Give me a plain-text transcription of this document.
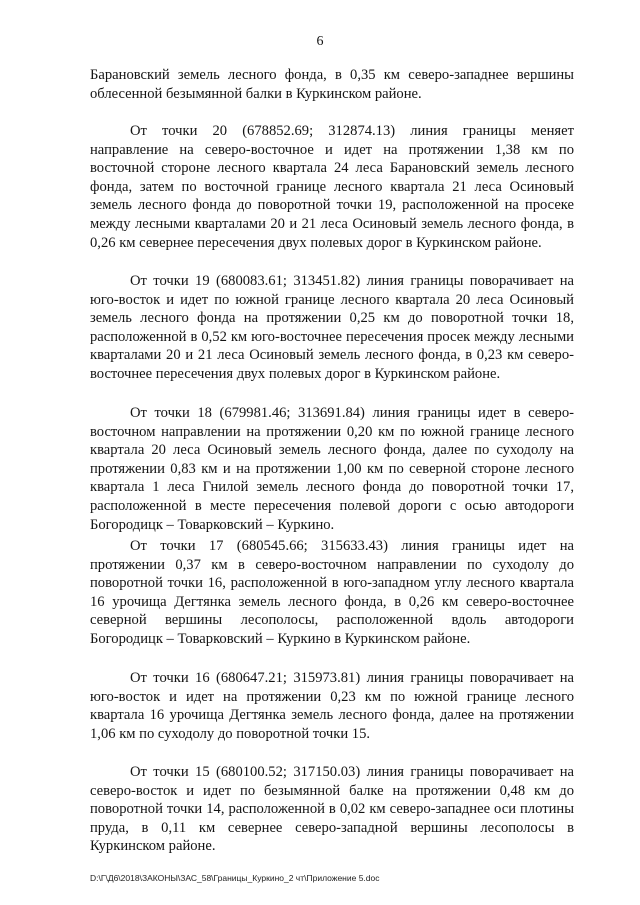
6

Барановский земель лесного фонда, в 0,35 км северо-западнее вершины облесенной безымянной балки в Куркинском районе.

От точки 20 (678852.69; 312874.13) линия границы меняет направление на северо-восточное и идет на протяжении 1,38 км по восточной стороне лесного квартала 24 леса Барановский земель лесного фонда, затем по восточной границе лесного квартала 21 леса Осиновый земель лесного фонда до поворотной точки 19, расположенной на просеке между лесными кварталами 20 и 21 леса Осиновый земель лесного фонда, в 0,26 км севернее пересечения двух полевых дорог в Куркинском районе.

От точки 19 (680083.61; 313451.82) линия границы поворачивает на юго-восток и идет по южной границе лесного квартала 20 леса Осиновый земель лесного фонда на протяжении 0,25 км до поворотной точки 18, расположенной в 0,52 км юго-восточнее пересечения просек между лесными кварталами 20 и 21 леса Осиновый земель лесного фонда, в 0,23 км северо-восточнее пересечения двух полевых дорог в Куркинском районе.

От точки 18 (679981.46; 313691.84) линия границы идет в северо-восточном направлении на протяжении 0,20 км по южной границе лесного квартала 20 леса Осиновый земель лесного фонда, далее по суходолу на протяжении 0,83 км и на протяжении 1,00 км по северной стороне лесного квартала 1 леса Гнилой земель лесного фонда до поворотной точки 17, расположенной в месте пересечения полевой дороги с осью автодороги Богородицк – Товарковский – Куркино.

От точки 17 (680545.66; 315633.43) линия границы идет на протяжении 0,37 км в северо-восточном направлении по суходолу до поворотной точки 16, расположенной в юго-западном углу лесного квартала 16 урочища Дегтянка земель лесного фонда, в 0,26 км северо-восточнее северной вершины лесополосы, расположенной вдоль автодороги Богородицк – Товарковский – Куркино в Куркинском районе.

От точки 16 (680647.21; 315973.81) линия границы поворачивает на юго-восток и идет на протяжении 0,23 км по южной границе лесного квартала 16 урочища Дегтянка земель лесного фонда, далее на протяжении 1,06 км по суходолу до поворотной точки 15.

От точки 15 (680100.52; 317150.03) линия границы поворачивает на северо-восток и идет по безымянной балке на протяжении 0,48 км до поворотной точки 14, расположенной в 0,02 км северо-западнее оси плотины пруда, в 0,11 км севернее северо-западной вершины лесополосы в Куркинском районе.

D:\Г\Д6\2018\ЗАКОНЫ\ЗАС_58\Границы_Куркино_2 чт\Приложение 5.doc
